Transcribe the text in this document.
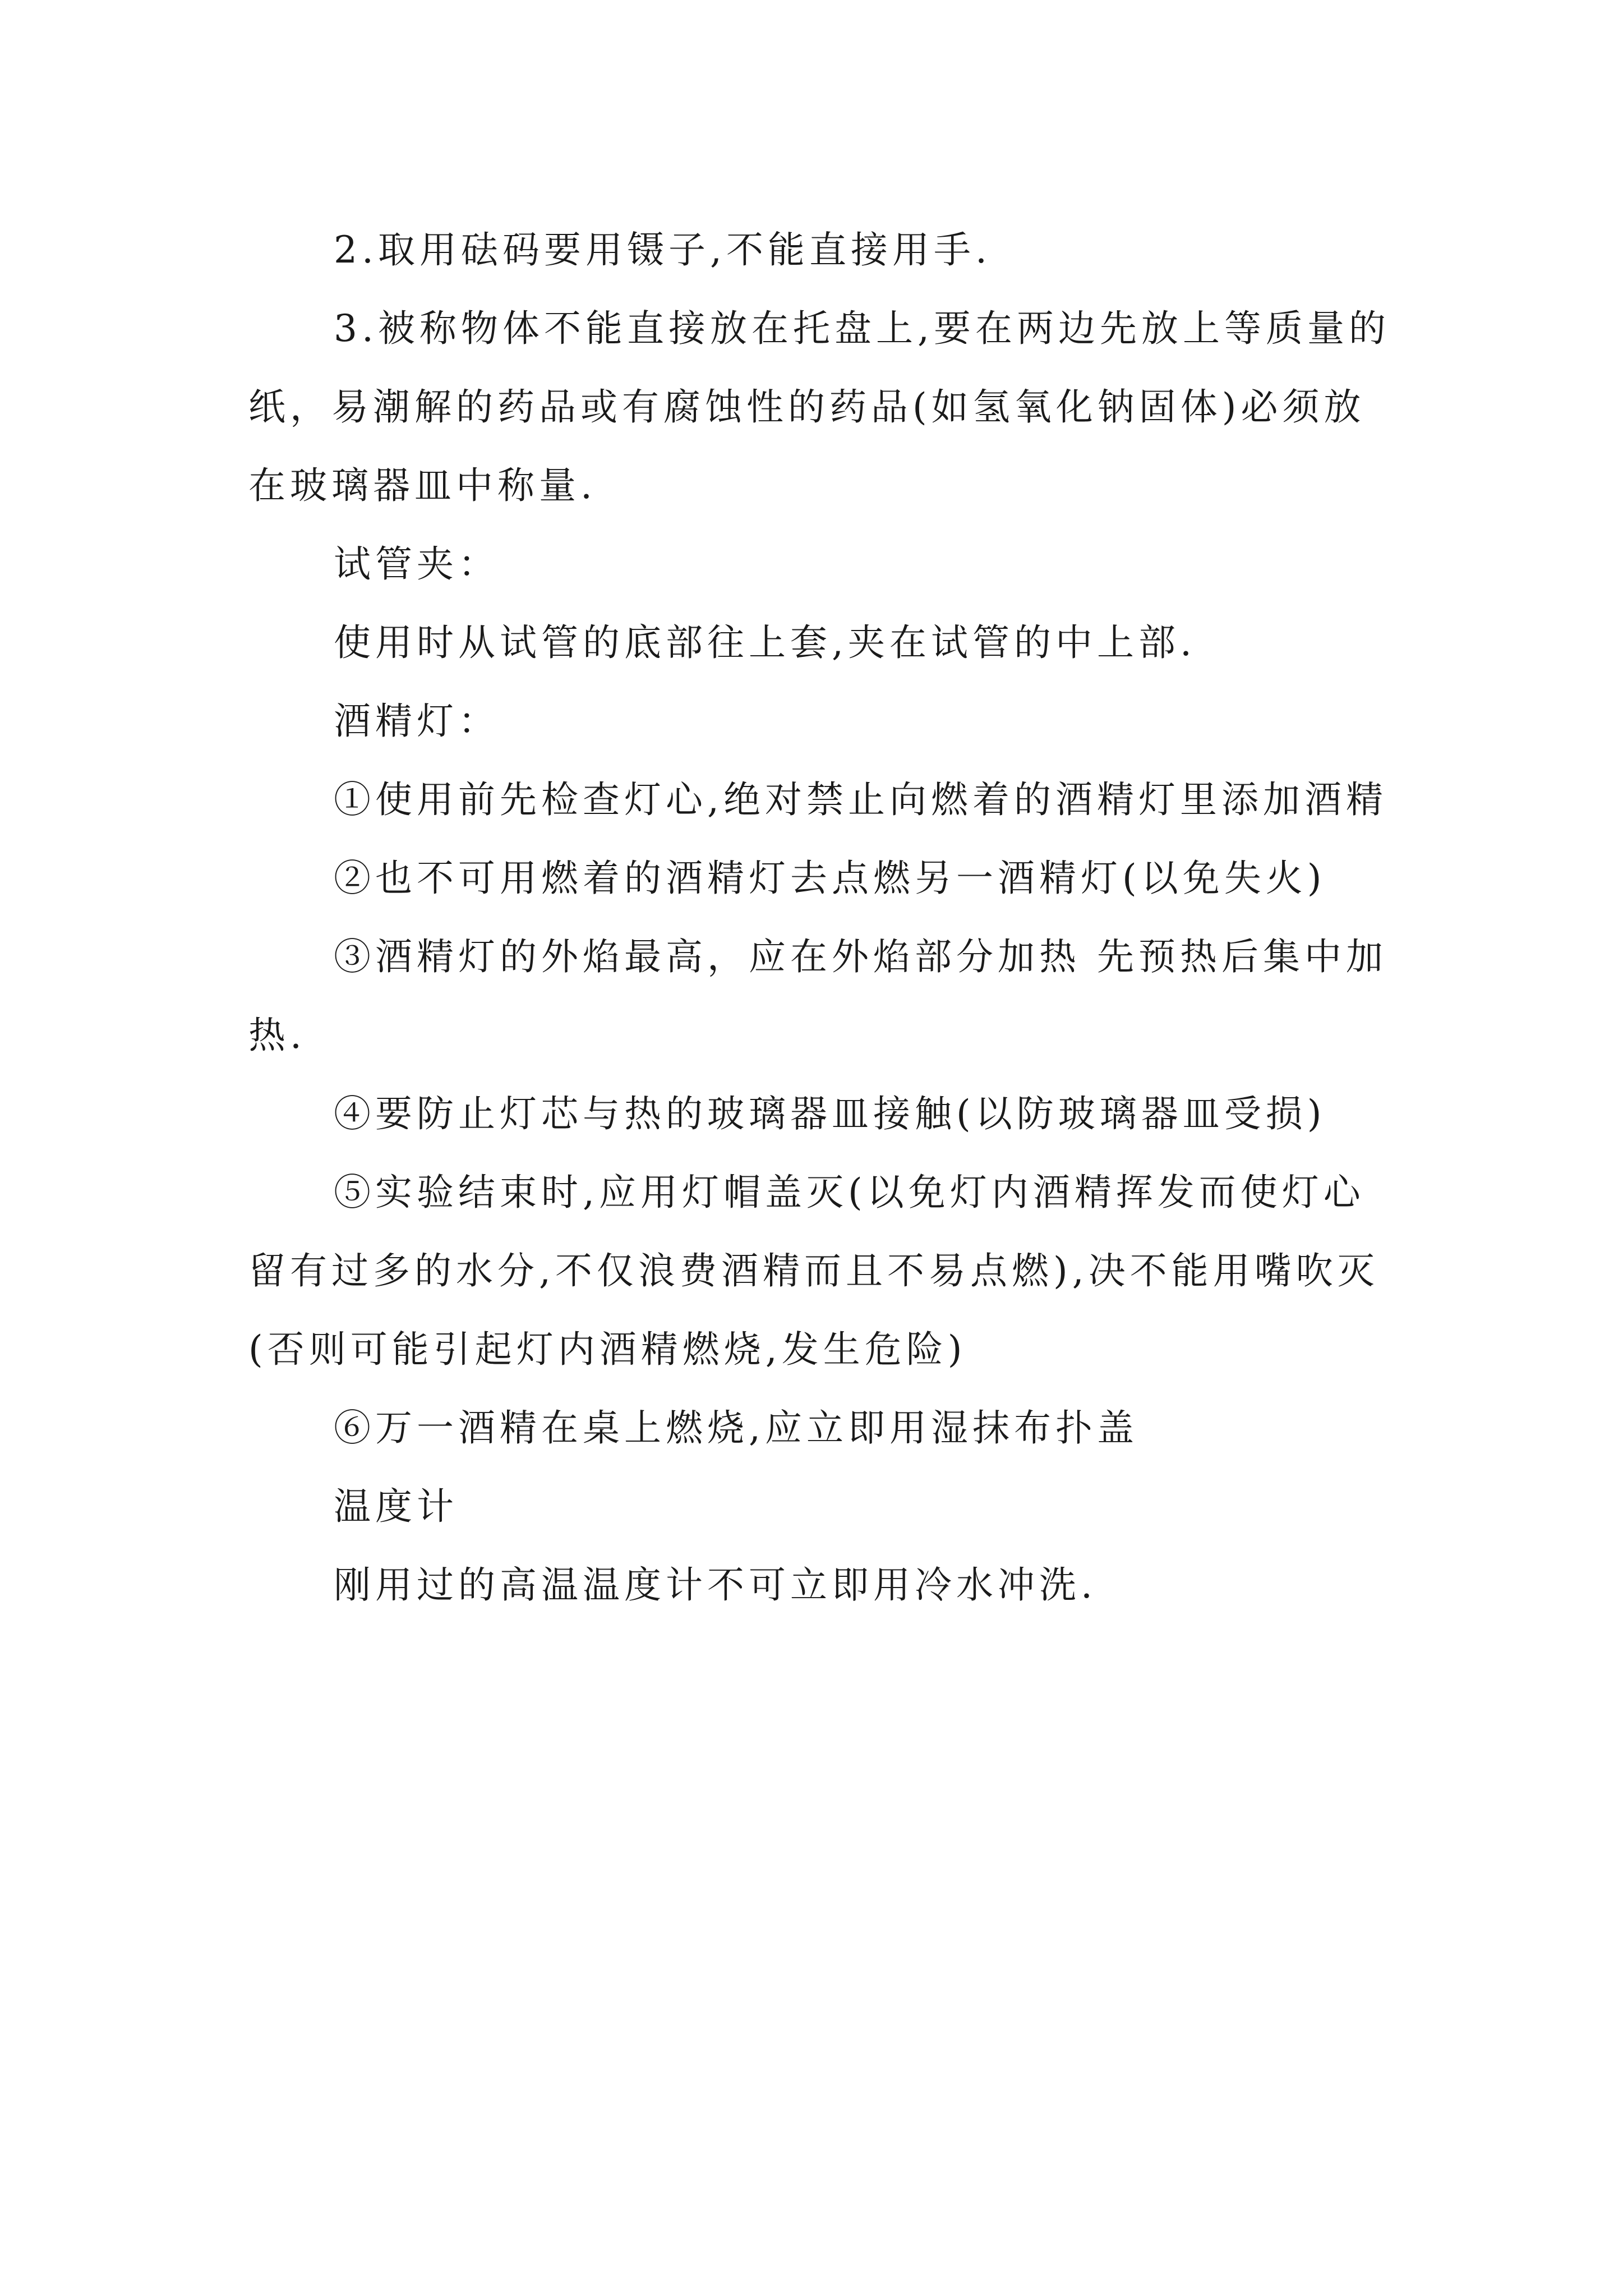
2.取用砝码要用镊子,不能直接用手.

3.被称物体不能直接放在托盘上,要在两边先放上等质量的纸，易潮解的药品或有腐蚀性的药品(如氢氧化钠固体)必须放在玻璃器皿中称量.

试管夹：

使用时从试管的底部往上套,夹在试管的中上部.

酒精灯：

①使用前先检查灯心,绝对禁止向燃着的酒精灯里添加酒精

②也不可用燃着的酒精灯去点燃另一酒精灯(以免失火)

③酒精灯的外焰最高，应在外焰部分加热 先预热后集中加热.

④要防止灯芯与热的玻璃器皿接触(以防玻璃器皿受损)

⑤实验结束时,应用灯帽盖灭(以免灯内酒精挥发而使灯心留有过多的水分,不仅浪费酒精而且不易点燃),决不能用嘴吹灭(否则可能引起灯内酒精燃烧,发生危险)

⑥万一酒精在桌上燃烧,应立即用湿抹布扑盖

温度计

刚用过的高温温度计不可立即用冷水冲洗.
